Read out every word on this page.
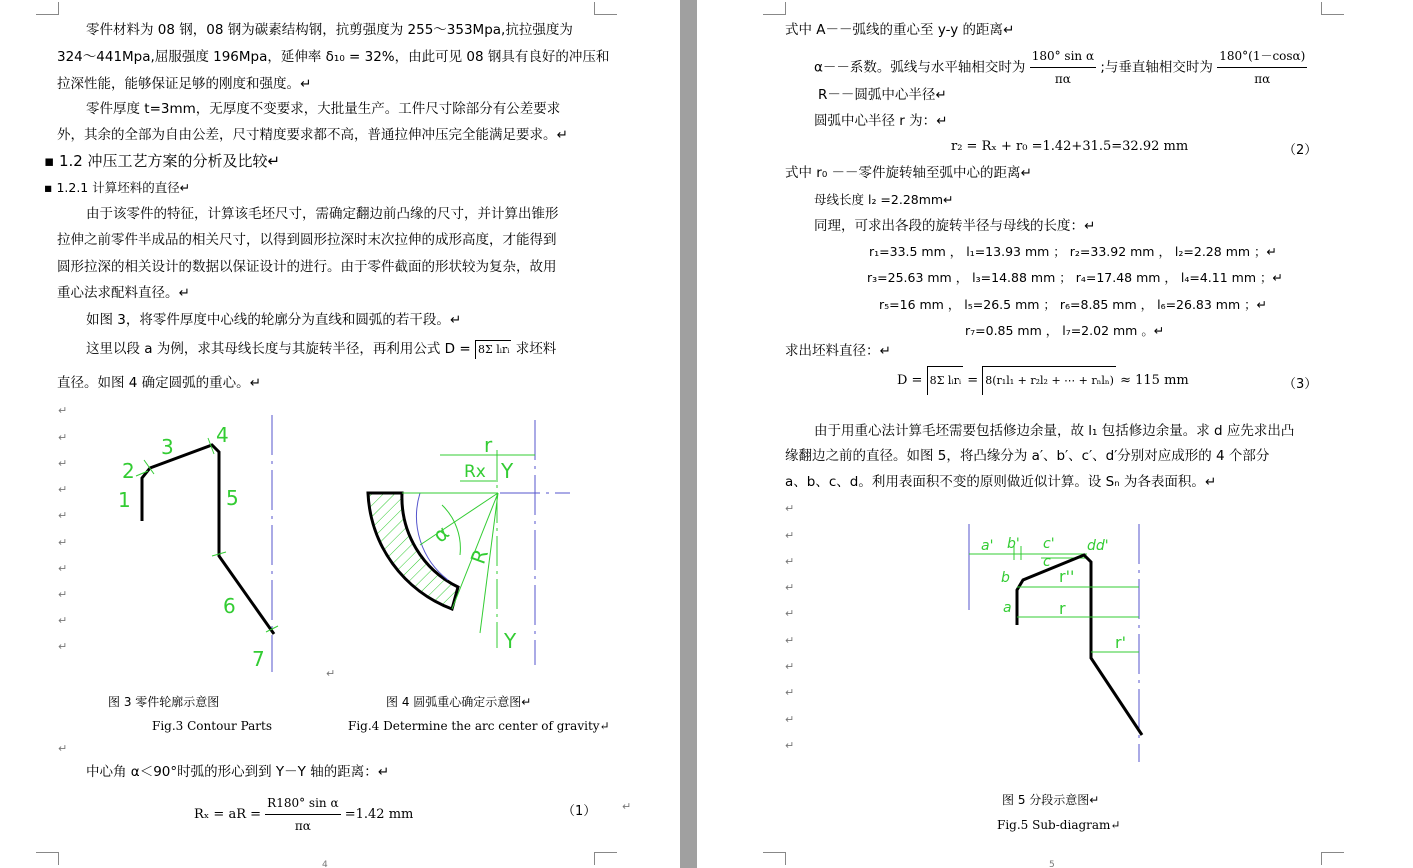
零件材料为 08 钢，08 钢为碳素结构钢，抗剪强度为 255～353Mpa,抗拉强度为
324～441Mpa,屈服强度 196Mpa，延伸率 δ₁₀ = 32%，由此可见 08 钢具有良好的冲压和
拉深性能，能够保证足够的刚度和强度。↵
零件厚度 t=3mm，无厚度不变要求，大批量生产。工件尺寸除部分有公差要求
外，其余的全部为自由公差，尺寸精度要求都不高，普通拉伸冲压完全能满足要求。↵
▪ 1.2 冲压工艺方案的分析及比较↵
▪ 1.2.1 计算坯料的直径↵
由于该零件的特征，计算该毛坯尺寸，需确定翻边前凸缘的尺寸，并计算出锥形
拉伸之前零件半成品的相关尺寸，以得到圆形拉深时末次拉伸的成形高度，才能得到
圆形拉深的相关设计的数据以保证设计的进行。由于零件截面的形状较为复杂，故用
重心法求配料直径。↵
如图 3，将零件厚度中心线的轮廓分为直线和圆弧的若干段。↵
这里以段 a 为例，求其母线长度与其旋转半径，再利用公式 D = 8Σ lᵢrᵢ 求坯料
直径。如图 4 确定圆弧的重心。↵
↵
↵
↵
↵
↵
↵
↵
↵
↵
↵
↵
↵
↵
1
2
3 4
5
6
7
r
Rx Y
Y
α
R
图 3 零件轮廓示意图
Fig.3 Contour Parts
图 4 圆弧重心确定示意图↵
Fig.4 Determine the arc center of gravity↵
中心角 α＜90°时弧的形心到到 Y－Y 轴的距离：↵
Rₓ = aR = $\frac{\text{R180° sin α}}{\pi\alpha} =1.42$ mm	（1）
4
式中 A－－弧线的重心至 y-y 的距离↵
α－－系数。弧线与水平轴相交时为 $\frac{\text{180° sin α}}{\pi\alpha}$ ;与垂直轴相交时为 $\frac{180^\circ(1-\cos\alpha)}{\pi\alpha}$
R－－圆弧中心半径↵
圆弧中心半径 r 为：↵
r₂ = Rₓ + r₀ =1.42+31.5=32.92 mm	（2）
式中 r₀ －－零件旋转轴至弧中心的距离↵
母线长度 l₂ =2.28mm↵
同理，可求出各段的旋转半径与母线的长度：↵
r₁=33.5 mm ， l₁=13.93 mm ； r₂=33.92 mm ， l₂=2.28 mm ；↵
r₃=25.63 mm ， l₃=14.88 mm ； r₄=17.48 mm ， l₄=4.11 mm ；↵
r₅=16 mm ， l₅=26.5 mm ； r₆=8.85 mm ， l₆=26.83 mm ；↵
r₇=0.85 mm ， l₇=2.02 mm 。↵
求出坯料直径：↵
D = 8Σ lᵢrᵢ = 8(r₁l₁ + r₂l₂ + ⋯ + rₙlₙ) ≈ 115 mm	（3）
由于用重心法计算毛坯需要包括修边余量，故 l₁ 包括修边余量。求 d 应先求出凸
缘翻边之前的直径。如图 5，将凸缘分为 a′、b′、c′、d′分别对应成形的 4 个部分
a、b、c、d。利用表面积不变的原则做近似计算。设 Sₙ 为各表面积。↵
↵
↵
↵
↵
↵
↵
↵
↵
↵
↵
a' b' c' dd'
c
b
a
r''
r
r'
图 5 分段示意图↵
Fig.5 Sub-diagram↵
5
